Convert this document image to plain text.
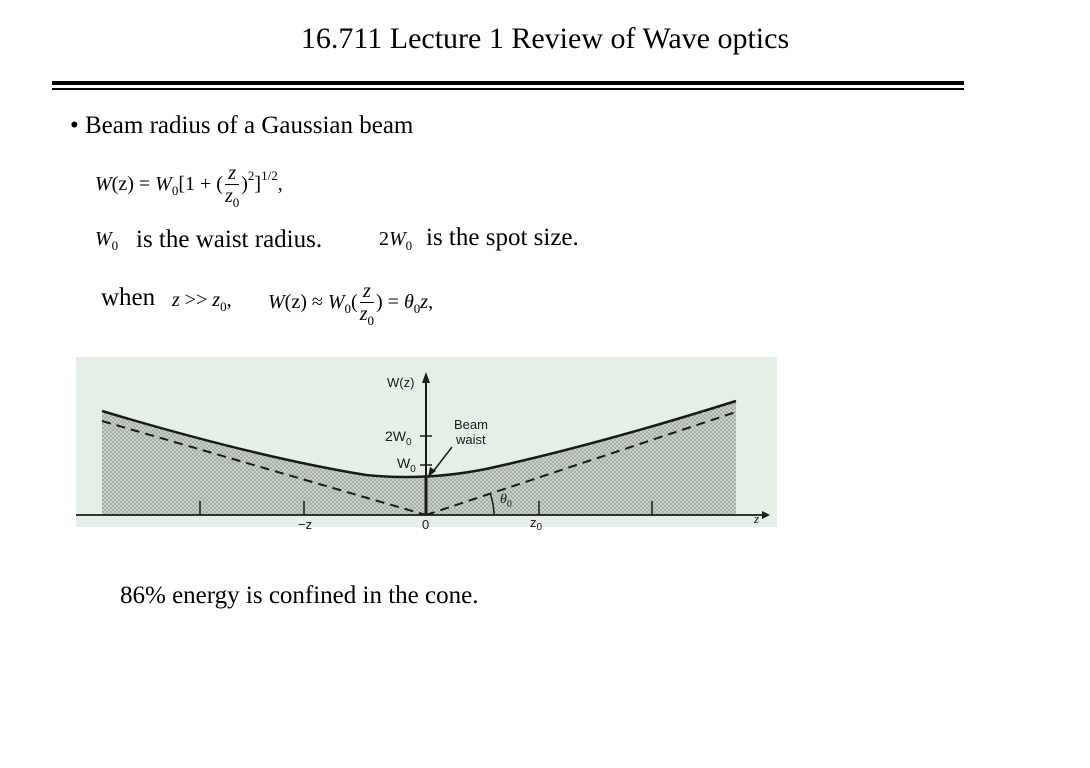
16.711 Lecture 1 Review of Wave optics
• Beam radius of a Gaussian beam
$W(z) = W_0[1$ + ( $\frac{z}{z_0} )^2]^{1/2}$,
$W_0$ is the waist radius.	$2W_0$ is the spot size.
when $z >> z_0$, $W(z) \approx W_0( \frac{z}{z_0}$ ) = $\theta_0z$,
W(z)
$2W_0$
$W_0$
Beam
waist
$\theta_0$
z
−z	0	$z_0$
86% energy is confined in the cone.
